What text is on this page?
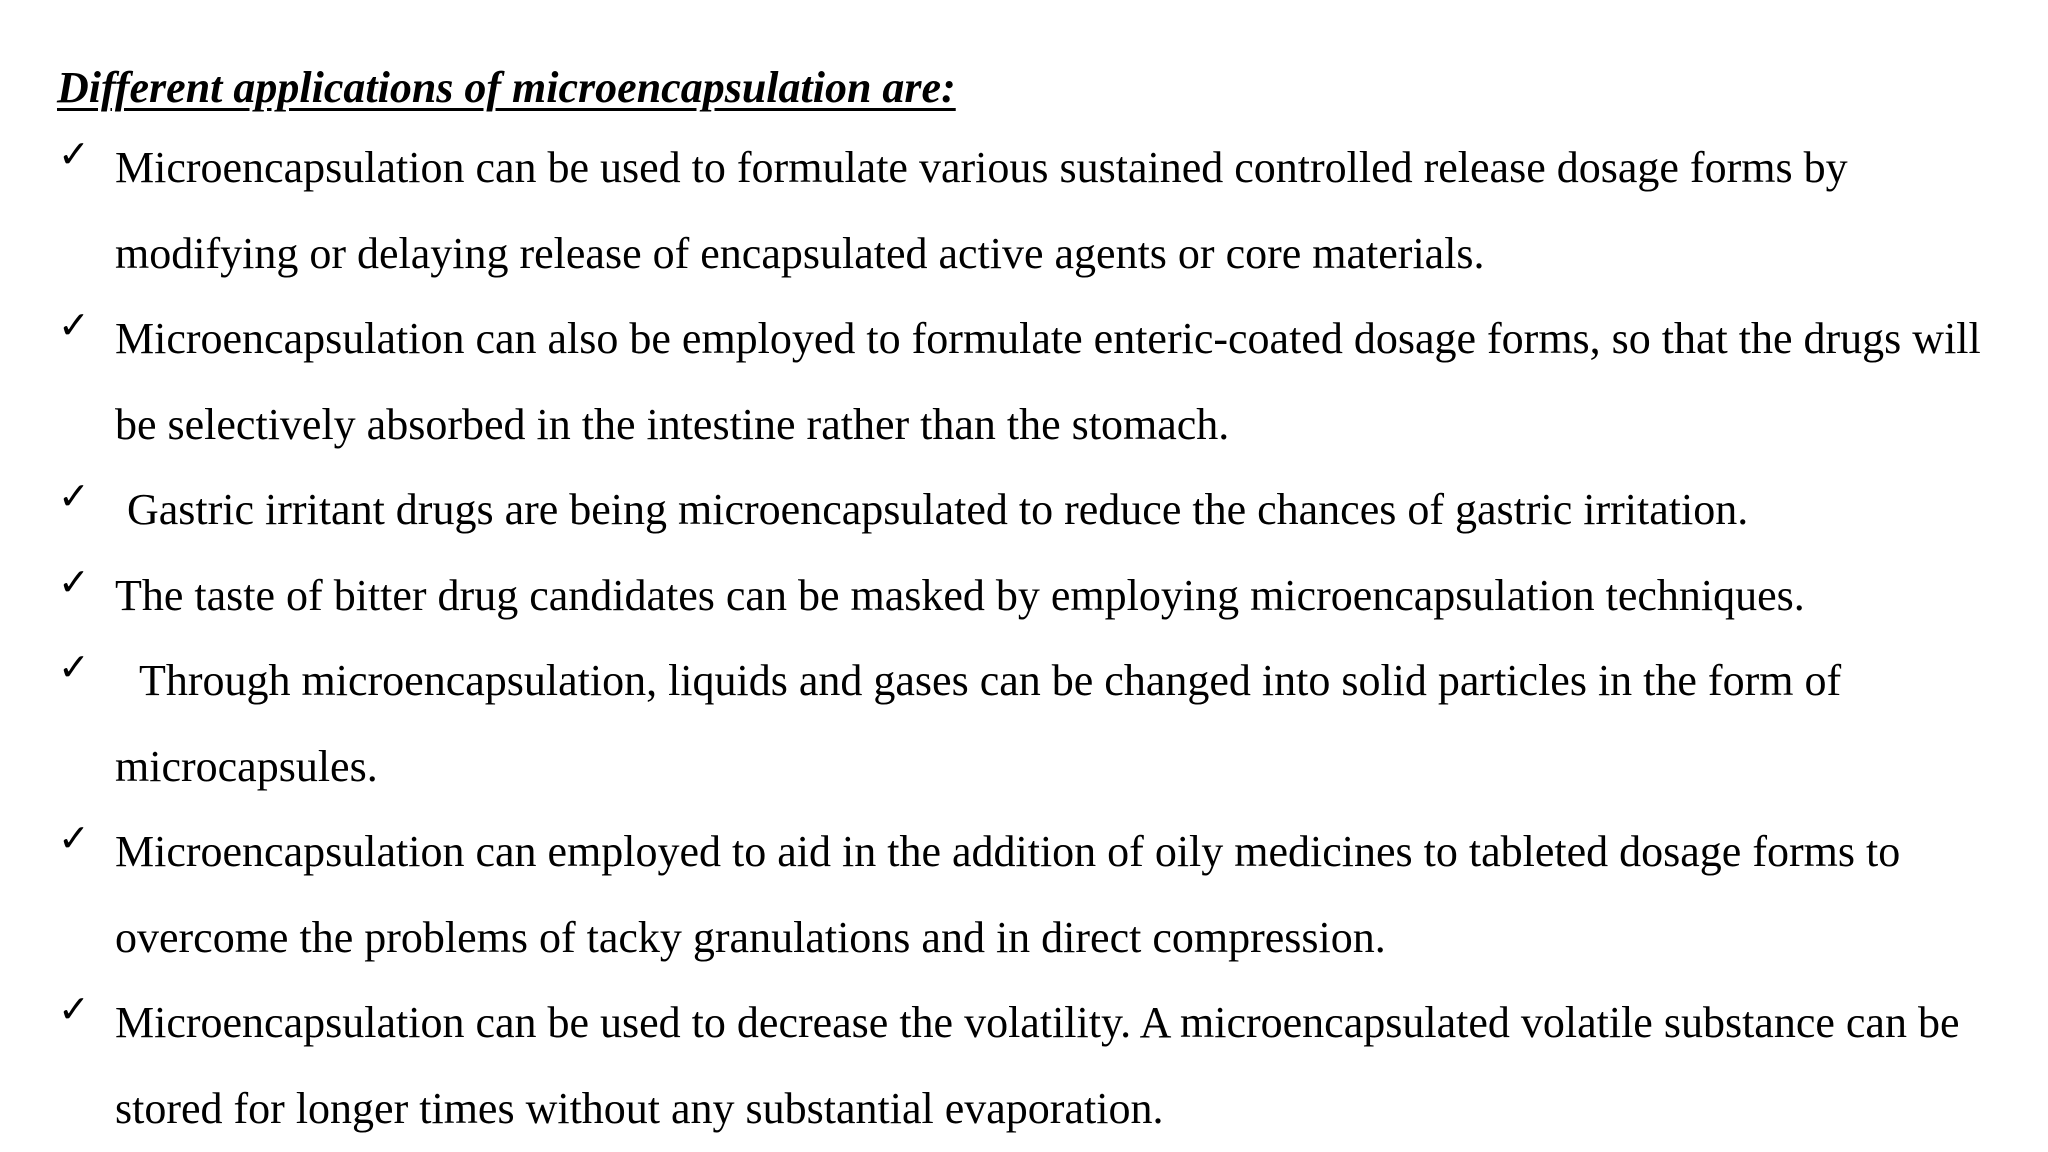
Different applications of microencapsulation are:
✓ Microencapsulation can be used to formulate various sustained controlled release dosage forms by modifying or delaying release of encapsulated active agents or core materials.
✓ Microencapsulation can also be employed to formulate enteric-coated dosage forms, so that the drugs will be selectively absorbed in the intestine rather than the stomach.
✓ Gastric irritant drugs are being microencapsulated to reduce the chances of gastric irritation.
✓ The taste of bitter drug candidates can be masked by employing microencapsulation techniques.
✓	Through microencapsulation, liquids and gases can be changed into solid particles in the form of microcapsules.
✓ Microencapsulation can employed to aid in the addition of oily medicines to tableted dosage forms to overcome the problems of tacky granulations and in direct compression.
✓ Microencapsulation can be used to decrease the volatility. A microencapsulated volatile substance can be stored for longer times without any substantial evaporation.
